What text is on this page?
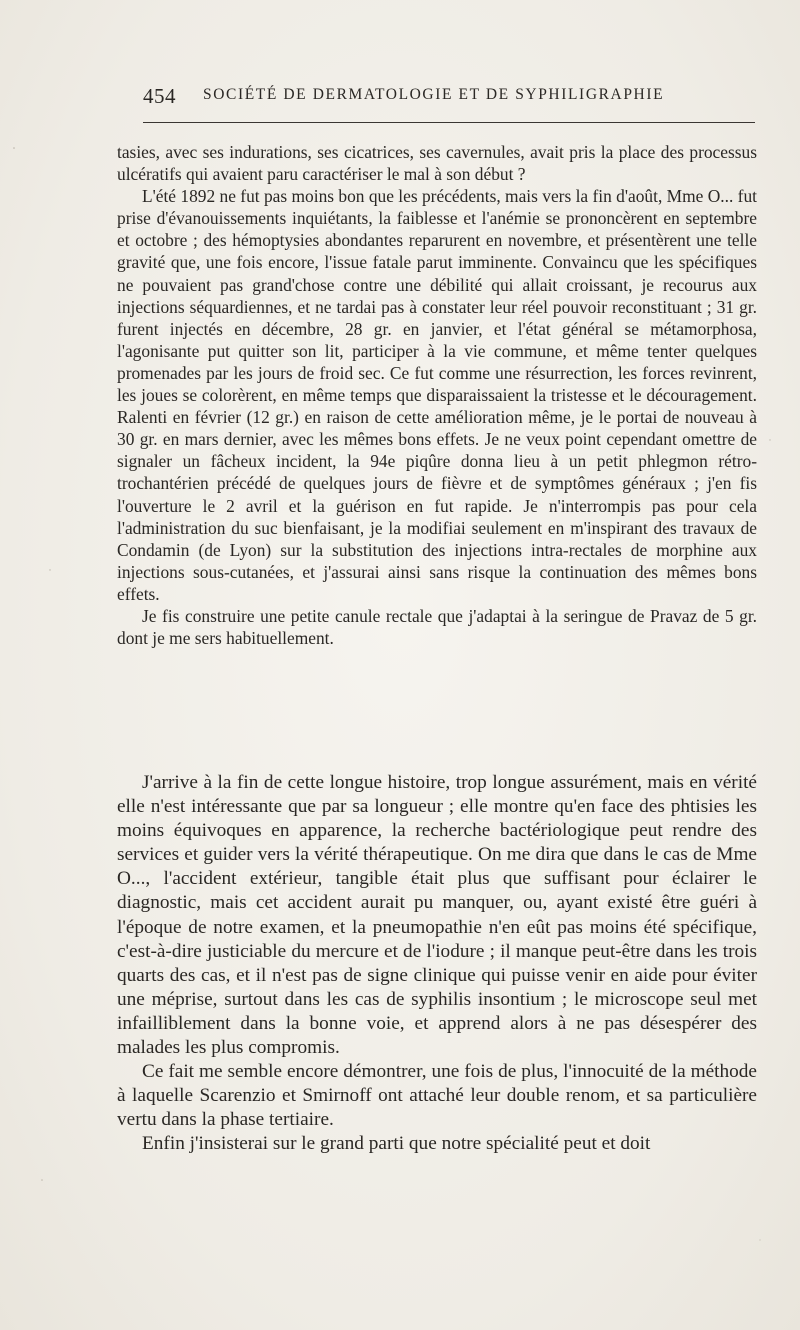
454 SOCIÉTÉ DE DERMATOLOGIE ET DE SYPHILIGRAPHIE

tasies, avec ses indurations, ses cicatrices, ses cavernules, avait pris la place des processus ulcératifs qui avaient paru caractériser le mal à son début ?

L'été 1892 ne fut pas moins bon que les précédents, mais vers la fin d'août, Mme O... fut prise d'évanouissements inquiétants, la faiblesse et l'anémie se prononcèrent en septembre et octobre ; des hémoptysies abondantes reparurent en novembre, et présentèrent une telle gravité que, une fois encore, l'issue fatale parut imminente. Convaincu que les spécifiques ne pouvaient pas grand'chose contre une débilité qui allait croissant, je recourus aux injections séquardiennes, et ne tardai pas à constater leur réel pouvoir reconstituant ; 31 gr. furent injectés en décembre, 28 gr. en janvier, et l'état général se métamorphosa, l'agonisante put quitter son lit, participer à la vie commune, et même tenter quelques promenades par les jours de froid sec. Ce fut comme une résurrection, les forces revinrent, les joues se colorèrent, en même temps que disparaissaient la tristesse et le découragement. Ralenti en février (12 gr.) en raison de cette amélioration même, je le portai de nouveau à 30 gr. en mars dernier, avec les mêmes bons effets. Je ne veux point cependant omettre de signaler un fâcheux incident, la 94e piqûre donna lieu à un petit phlegmon rétro-trochantérien précédé de quelques jours de fièvre et de symptômes généraux ; j'en fis l'ouverture le 2 avril et la guérison en fut rapide. Je n'interrompis pas pour cela l'administration du suc bienfaisant, je la modifiai seulement en m'inspirant des travaux de Condamin (de Lyon) sur la substitution des injections intra-rectales de morphine aux injections sous-cutanées, et j'assurai ainsi sans risque la continuation des mêmes bons effets.

Je fis construire une petite canule rectale que j'adaptai à la seringue de Pravaz de 5 gr. dont je me sers habituellement.

J'arrive à la fin de cette longue histoire, trop longue assurément, mais en vérité elle n'est intéressante que par sa longueur ; elle montre qu'en face des phtisies les moins équivoques en apparence, la recherche bactériologique peut rendre des services et guider vers la vérité thérapeutique. On me dira que dans le cas de Mme O..., l'accident extérieur, tangible était plus que suffisant pour éclairer le diagnostic, mais cet accident aurait pu manquer, ou, ayant existé être guéri à l'époque de notre examen, et la pneumopathie n'en eût pas moins été spécifique, c'est-à-dire justiciable du mercure et de l'iodure ; il manque peut-être dans les trois quarts des cas, et il n'est pas de signe clinique qui puisse venir en aide pour éviter une méprise, surtout dans les cas de syphilis insontium ; le microscope seul met infailliblement dans la bonne voie, et apprend alors à ne pas désespérer des malades les plus compromis.

Ce fait me semble encore démontrer, une fois de plus, l'innocuité de la méthode à laquelle Scarenzio et Smirnoff ont attaché leur double renom, et sa particulière vertu dans la phase tertiaire.

Enfin j'insisterai sur le grand parti que notre spécialité peut et doit
